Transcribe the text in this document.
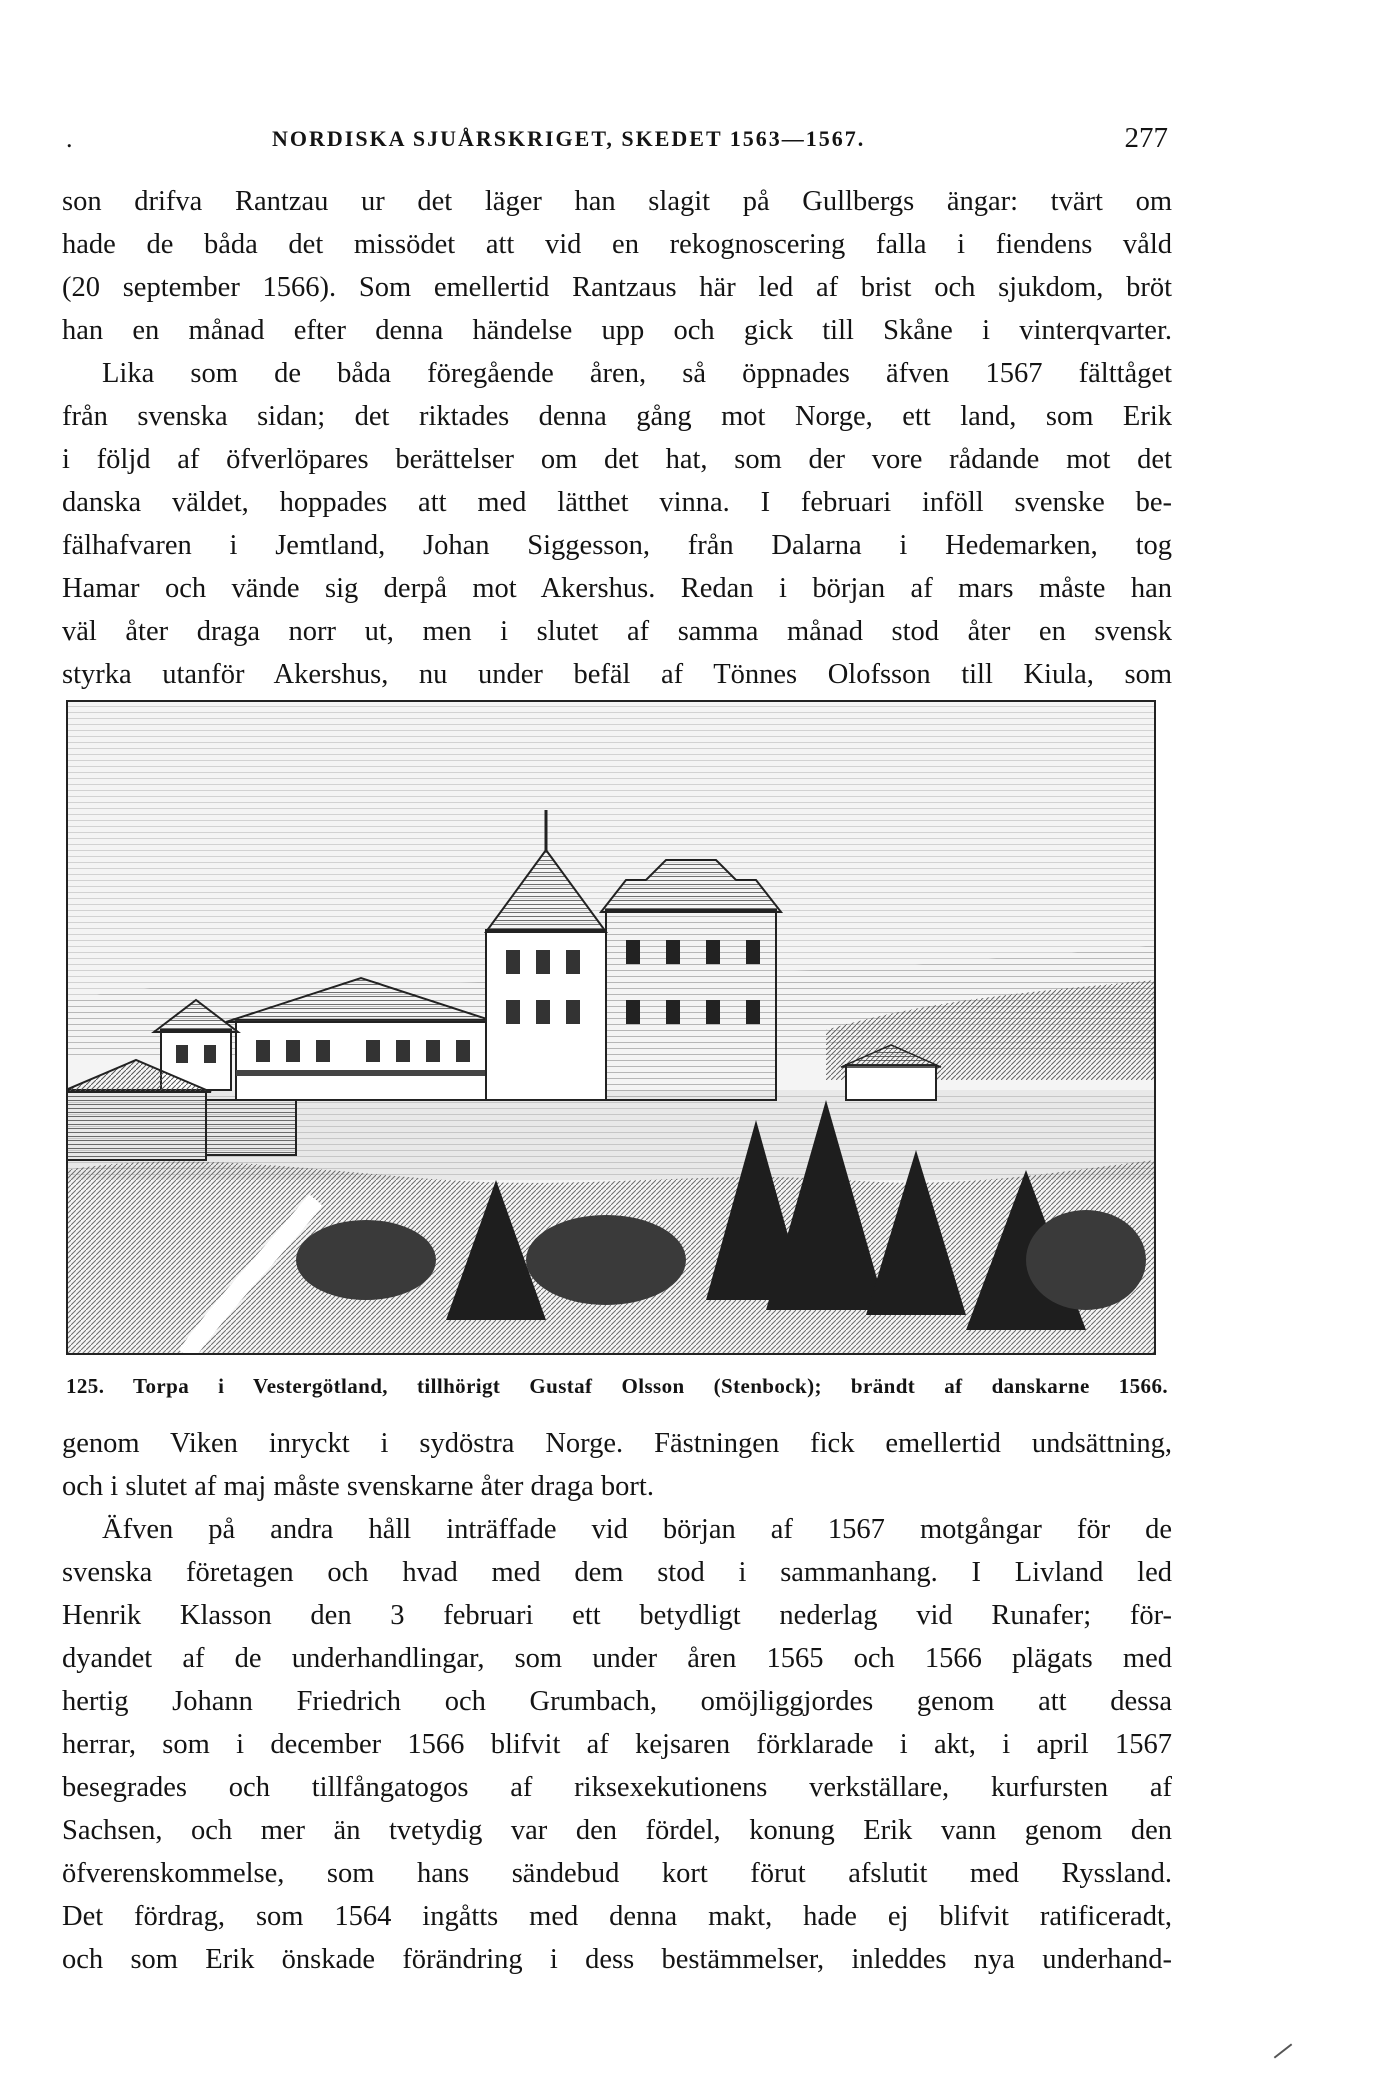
.	NORDISKA SJUÅRSKRIGET, SKEDET 1563—1567.	277
son drifva Rantzau ur det läger han slagit på Gullbergs ängar: tvärt om
hade de båda det missödet att vid en rekognoscering falla i fiendens våld
(20 september 1566). Som emellertid Rantzaus här led af brist och sjukdom, bröt
han en månad efter denna händelse upp och gick till Skåne i vinterqvarter.
Lika som de båda föregående åren, så öppnades äfven 1567 fälttåget
från svenska sidan; det riktades denna gång mot Norge, ett land, som Erik
i följd af öfverlöpares berättelser om det hat, som der vore rådande mot det
danska väldet, hoppades att med lätthet vinna. I februari inföll svenske be-
fälhafvaren i Jemtland, Johan Siggesson, från Dalarna i Hedemarken, tog
Hamar och vände sig derpå mot Akershus. Redan i början af mars måste han
väl åter draga norr ut, men i slutet af samma månad stod åter en svensk
styrka utanför Akershus, nu under befäl af Tönnes Olofsson till Kiula, som
125. Torpa i Vestergötland, tillhörigt Gustaf Olsson (Stenbock); brändt af danskarne 1566.
genom Viken inryckt i sydöstra Norge. Fästningen fick emellertid undsättning,
och i slutet af maj måste svenskarne åter draga bort.
Äfven på andra håll inträffade vid början af 1567 motgångar för de
svenska företagen och hvad med dem stod i sammanhang. I Livland led
Henrik Klasson den 3 februari ett betydligt nederlag vid Runafer; för-
dyandet af de underhandlingar, som under åren 1565 och 1566 plägats med
hertig Johann Friedrich och Grumbach, omöjliggjordes genom att dessa
herrar, som i december 1566 blifvit af kejsaren förklarade i akt, i april 1567
besegrades och tillfångatogos af riksexekutionens verkställare, kurfursten af
Sachsen, och mer än tvetydig var den fördel, konung Erik vann genom den
öfverenskommelse, som hans sändebud kort förut afslutit med Ryssland.
Det fördrag, som 1564 ingåtts med denna makt, hade ej blifvit ratificeradt,
och som Erik önskade förändring i dess bestämmelser, inleddes nya underhand-
